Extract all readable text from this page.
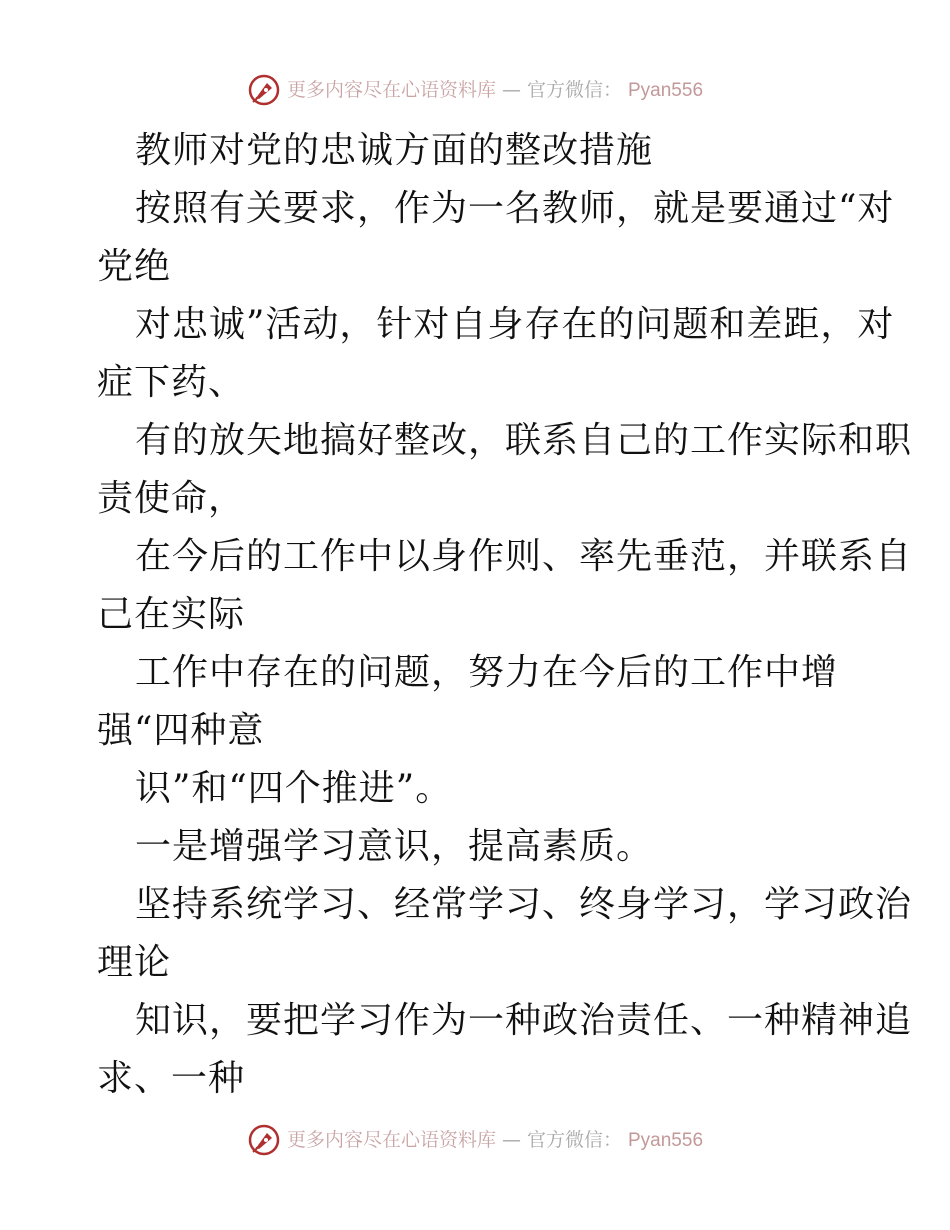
更多内容尽在心语资料库 — 官方微信： Pyan556
教师对党的忠诚方面的整改措施
按照有关要求，作为一名教师，就是要通过“对
党绝
对忠诚”活动，针对自身存在的问题和差距，对
症下药、
有的放矢地搞好整改，联系自己的工作实际和职
责使命，
在今后的工作中以身作则、率先垂范，并联系自
己在实际
工作中存在的问题，努力在今后的工作中增
强“四种意
识”和“四个推进”。
一是增强学习意识，提高素质。
坚持系统学习、经常学习、终身学习，学习政治
理论
知识，要把学习作为一种政治责任、一种精神追
求、一种
更多内容尽在心语资料库 — 官方微信： Pyan556
